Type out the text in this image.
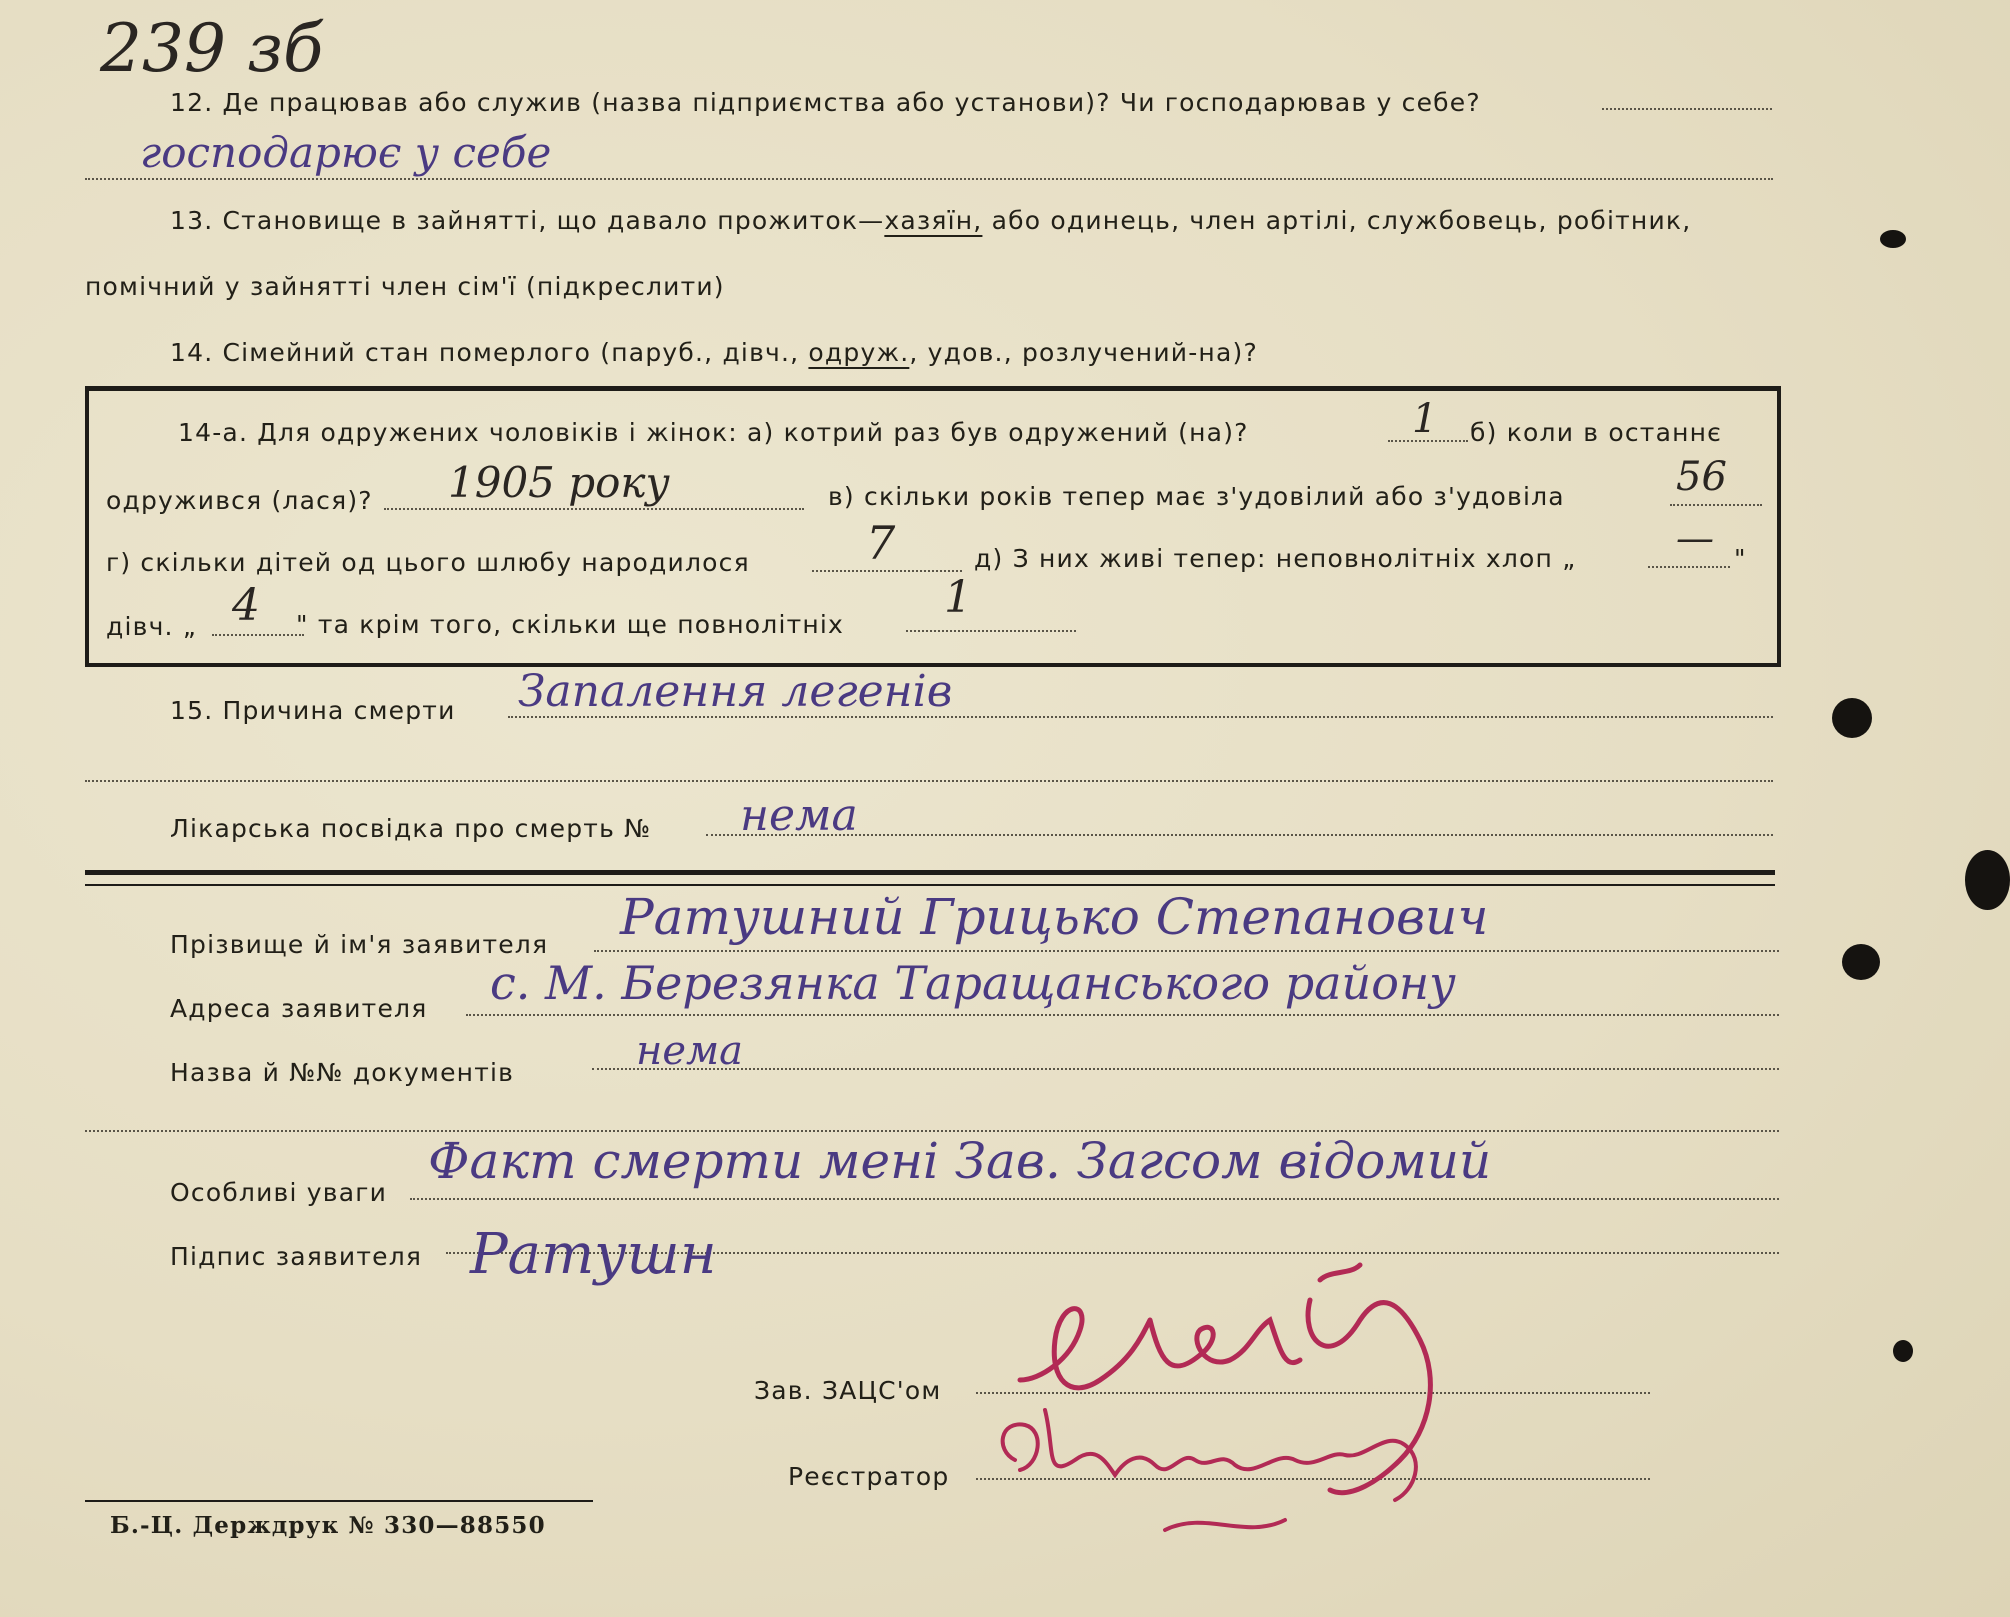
239 зб
12. Де працював або служив (назва підприємства або установи)? Чи господарював у себе?
господарює у себе
13. Становище в зайнятті, що давало прожиток—хазяїн, або одинець, член артілі, службовець, робітник,
помічний у зайнятті член сім'ї (підкреслити)
14. Сімейний стан померлого (паруб., дівч., одруж., удов., розлучений-на)?
14-а. Для одружених чоловіків і жінок: а) котрий раз був одружений (на)?	1 б) коли в останнє
одружився (лася)? 1905 року	в) скільки років тепер має з'удовілий або з'удовіла	56
г) скільки дітей од цього шлюбу народилося	7	д) З них живі тепер: неповнолітніх хлоп „	— "
дівч. „ 4 " та крім того, скільки ще повнолітніх
1
15. Причина смерти Запалення легенів
Лікарська посвідка про смерть № нема
Прізвище й ім'я заявителя Ратушний Грицько Степанович
Адреса заявителя с. М. Березянка Таращанського району
Назва й №№ документів	нема
Особливі уваги
Факт смерти мені Зав. Загсом відомий
Підпис заявителя Ратушн
Зав. ЗАЦС'ом
Реєстратор
Б.-Ц. Держдрук № 330—88550
